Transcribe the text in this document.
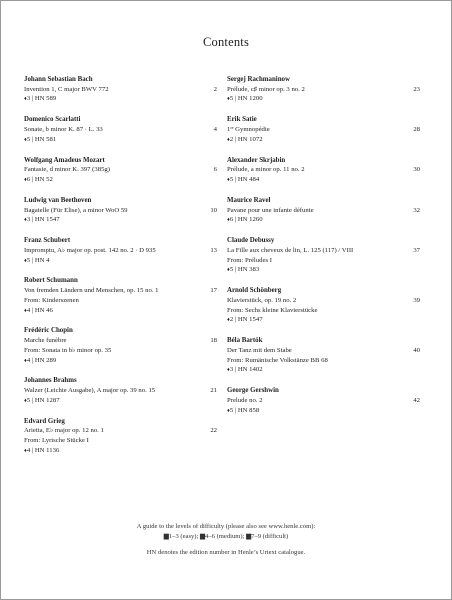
Contents
Johann Sebastian Bach
Invention 1, C major BWV 772	2
♦3 | HN 589
Domenico Scarlatti
Sonate, b minor K. 87 · L. 33	4
♦5 | HN 581
Wolfgang Amadeus Mozart
Fantasie, d minor K. 397 (385g)	6
♦6 | HN 52
Ludwig van Beethoven
Bagatelle (Für Elise), a minor WoO 59	10
♦3 | HN 1547
Franz Schubert
Impromptu, A♭ major op. post. 142 no. 2 · D 935	13
♦5 | HN 4
Robert Schumann
Von fremden Ländern und Menschen, op. 15 no. 1	17
From: Kinderszenen
♦4 | HN 46
Frédéric Chopin
Marche funèbre	18
From: Sonata in b♭ minor op. 35
♦4 | HN 289
Johannes Brahms
Walzer (Leichte Ausgabe), A major op. 39 no. 15	21
♦5 | HN 1287
Edvard Grieg
Arietta, E♭ major op. 12 no. 1	22
From: Lyrische Stücke I
♦4 | HN 1136
Sergej Rachmaninow
Prélude, c♯ minor op. 3 no. 2	23
♦5 | HN 1200
Erik Satie
1ʳᵉ Gymnopédie	28
♦2 | HN 1072
Alexander Skrjabin
Prélude, a minor op. 11 no. 2	30
♦5 | HN 484
Maurice Ravel
Pavane pour une infante défunte	32
♦6 | HN 1260
Claude Debussy
La Fille aux cheveux de lin, L. 125 (117) / VIII	37
From: Préludes I
♦5 | HN 383
Arnold Schönberg
Klavierstück, op. 19 no. 2	39
From: Sechs kleine Klavierstücke
♦2 | HN 1547
Béla Bartók
Der Tanz mit dem Stabe	40
From: Rumänische Volkstänze BB 68
♦3 | HN 1402
George Gershwin
Prelude no. 2	42
♦5 | HN 858
A guide to the levels of difficulty (please also see www.henle.com):
▆1–3 (easy); ▆4–6 (medium); ▆7–9 (difficult)
HN denotes the edition number in Henle’s Urtext catalogue.
